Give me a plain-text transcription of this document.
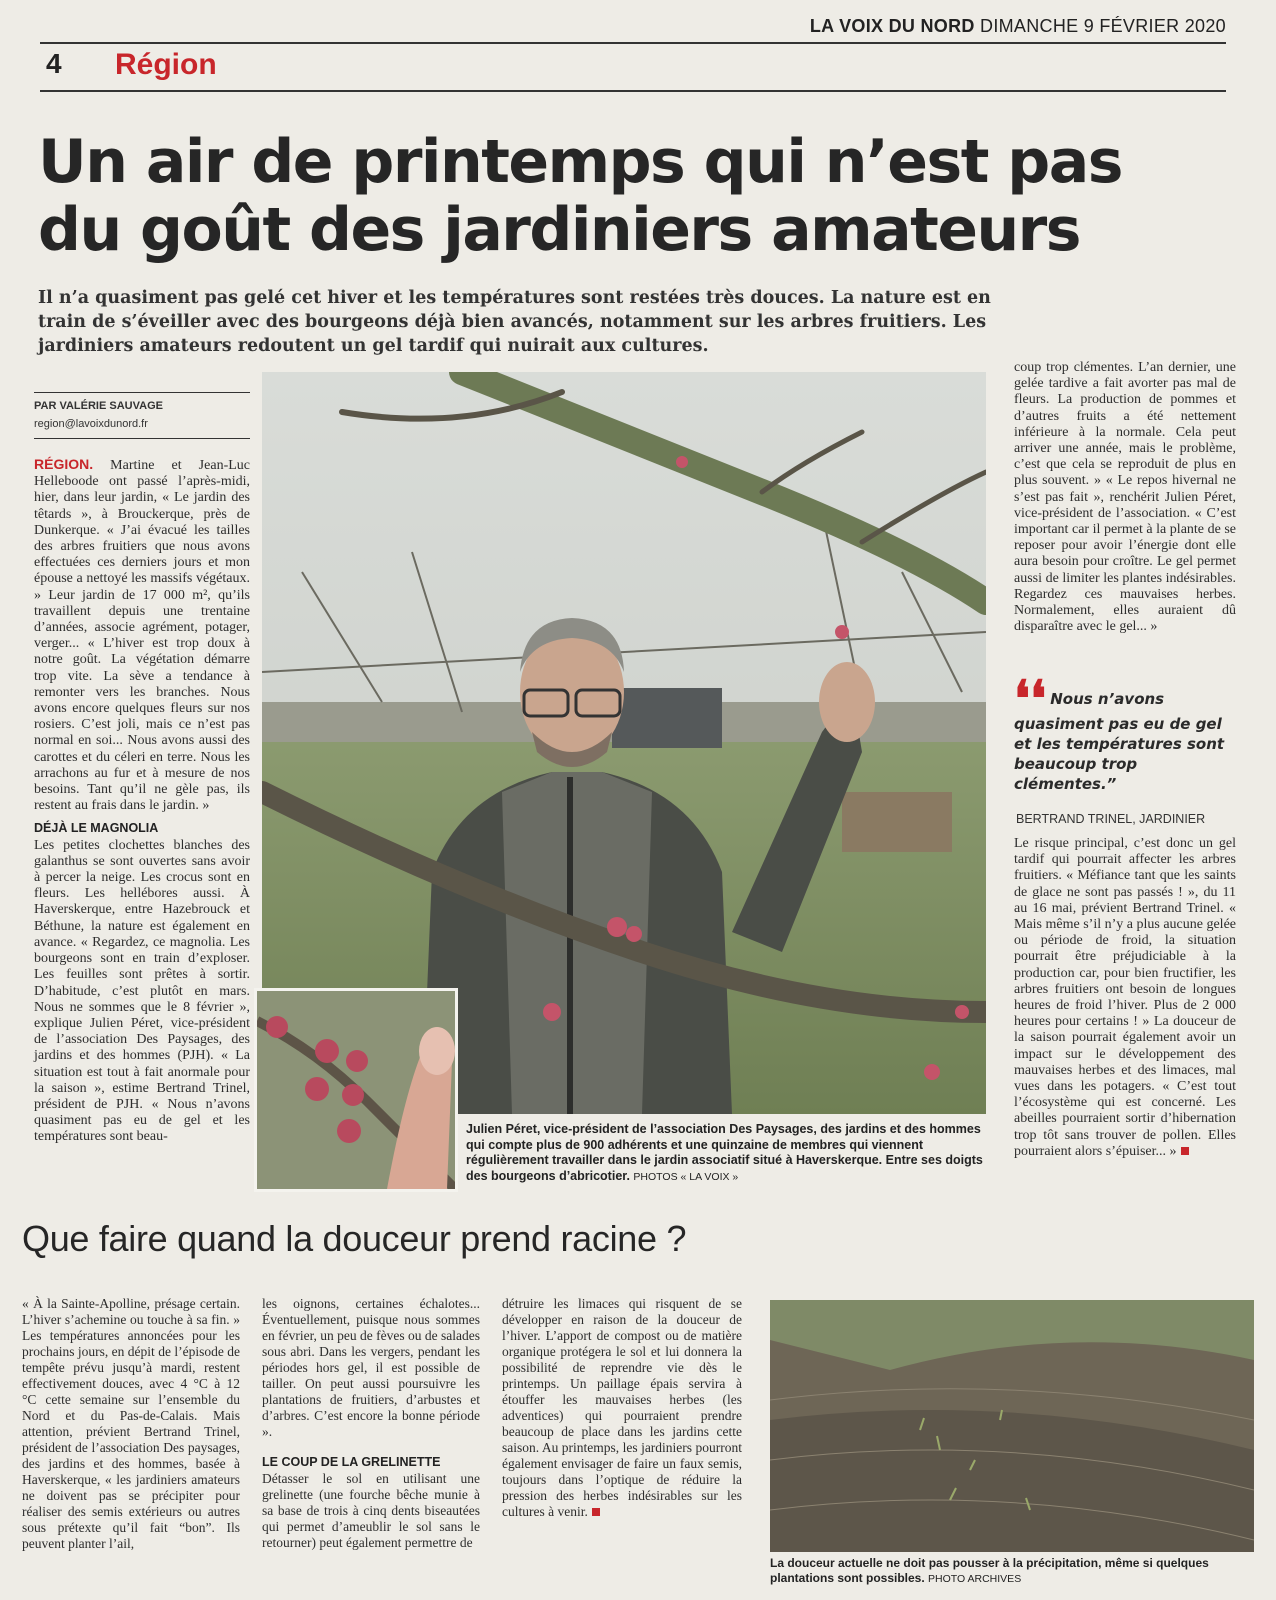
LA VOIX DU NORD DIMANCHE 9 FÉVRIER 2020
4 Région
Un air de printemps qui n’est pas du goût des jardiniers amateurs
Il n’a quasiment pas gelé cet hiver et les températures sont restées très douces. La nature est en train de s’éveiller avec des bourgeons déjà bien avancés, notamment sur les arbres fruitiers. Les jardiniers amateurs redoutent un gel tardif qui nuirait aux cultures.
PAR VALÉRIE SAUVAGE
region@lavoixdunord.fr

RÉGION. Martine et Jean-Luc Helleboode ont passé l’après-midi, hier, dans leur jardin, « Le jardin des têtards », à Brouckerque, près de Dunkerque. « J’ai évacué les tailles des arbres fruitiers que nous avons effectuées ces derniers jours et mon épouse a nettoyé les massifs végétaux. » Leur jardin de 17 000 m², qu’ils travaillent depuis une trentaine d’années, associe agrément, potager, verger... « L’hiver est trop doux à notre goût. La végétation démarre trop vite. La sève a tendance à remonter vers les branches. Nous avons encore quelques fleurs sur nos rosiers. C’est joli, mais ce n’est pas normal en soi... Nous avons aussi des carottes et du céleri en terre. Nous les arrachons au fur et à mesure de nos besoins. Tant qu’il ne gèle pas, ils restent au frais dans le jardin. »

DÉJÀ LE MAGNOLIA

Les petites clochettes blanches des galanthus se sont ouvertes sans avoir à percer la neige. Les crocus sont en fleurs. Les hellébores aussi. À Haverskerque, entre Hazebrouck et Béthune, la nature est également en avance. « Regardez, ce magnolia. Les bourgeons sont en train d’exploser. Les feuilles sont prêtes à sortir. D’habitude, c’est plutôt en mars. Nous ne sommes que le 8 février », explique Julien Péret, vice-président de l’association Des Paysages, des jardins et des hommes (PJH). « La situation est tout à fait anormale pour la saison », estime Bertrand Trinel, président de PJH. « Nous n’avons quasiment pas eu de gel et les températures sont beau-

Julien Péret, vice-président de l’association Des Paysages, des jardins et des hommes qui compte plus de 900 adhérents et une quinzaine de membres qui viennent régulièrement travailler dans le jardin associatif situé à Haverskerque. Entre ses doigts des bourgeons d’abricotier. PHOTOS « LA VOIX »

coup trop clémentes. L’an dernier, une gelée tardive a fait avorter pas mal de fleurs. La production de pommes et d’autres fruits a été nettement inférieure à la normale. Cela peut arriver une année, mais le problème, c’est que cela se reproduit de plus en plus souvent. » « Le repos hivernal ne s’est pas fait », renchérit Julien Péret, vice-président de l’association. « C’est important car il permet à la plante de se reposer pour avoir l’énergie dont elle aura besoin pour croître. Le gel permet aussi de limiter les plantes indésirables. Regardez ces mauvaises herbes. Normalement, elles auraient dû disparaître avec le gel... »

❛❛ Nous n’avons quasiment pas eu de gel et les températures sont beaucoup trop clémentes.”
BERTRAND TRINEL, JARDINIER

Le risque principal, c’est donc un gel tardif qui pourrait affecter les arbres fruitiers. « Méfiance tant que les saints de glace ne sont pas passés ! », du 11 au 16 mai, prévient Bertrand Trinel. « Mais même s’il n’y a plus aucune gelée ou période de froid, la situation pourrait être préjudiciable à la production car, pour bien fructifier, les arbres fruitiers ont besoin de longues heures de froid l’hiver. Plus de 2 000 heures pour certains ! » La douceur de la saison pourrait également avoir un impact sur le développement des mauvaises herbes et des limaces, mal vues dans les potagers. « C’est tout l’écosystème qui est concerné. Les abeilles pourraient sortir d’hibernation trop tôt sans trouver de pollen. Elles pourraient alors s’épuiser... »

Que faire quand la douceur prend racine ?

« À la Sainte-Apolline, présage certain. L’hiver s’achemine ou touche à sa fin. » Les températures annoncées pour les prochains jours, en dépit de l’épisode de tempête prévu jusqu’à mardi, restent effectivement douces, avec 4 °C à 12 °C cette semaine sur l’ensemble du Nord et du Pas-de-Calais. Mais attention, prévient Bertrand Trinel, président de l’association Des paysages, des jardins et des hommes, basée à Haverskerque, « les jardiniers amateurs ne doivent pas se précipiter pour réaliser des semis extérieurs ou autres sous prétexte qu’il fait “bon”. Ils peuvent planter l’ail,

les oignons, certaines échalotes... Éventuellement, puisque nous sommes en février, un peu de fèves ou de salades sous abri. Dans les vergers, pendant les périodes hors gel, il est possible de tailler. On peut aussi poursuivre les plantations de fruitiers, d’arbustes et d’arbres. C’est encore la bonne période ».

LE COUP DE LA GRELINETTE

Détasser le sol en utilisant une grelinette (une fourche bêche munie à sa base de trois à cinq dents biseautées qui permet d’ameublir le sol sans le retourner) peut également permettre de

détruire les limaces qui risquent de se développer en raison de la douceur de l’hiver. L’apport de compost ou de matière organique protégera le sol et lui donnera la possibilité de reprendre vie dès le printemps. Un paillage épais servira à étouffer les mauvaises herbes (les adventices) qui pourraient prendre beaucoup de place dans les jardins cette saison. Au printemps, les jardiniers pourront également envisager de faire un faux semis, toujours dans l’optique de réduire la pression des herbes indésirables sur les cultures à venir.

La douceur actuelle ne doit pas pousser à la précipitation, même si quelques plantations sont possibles. PHOTO ARCHIVES
